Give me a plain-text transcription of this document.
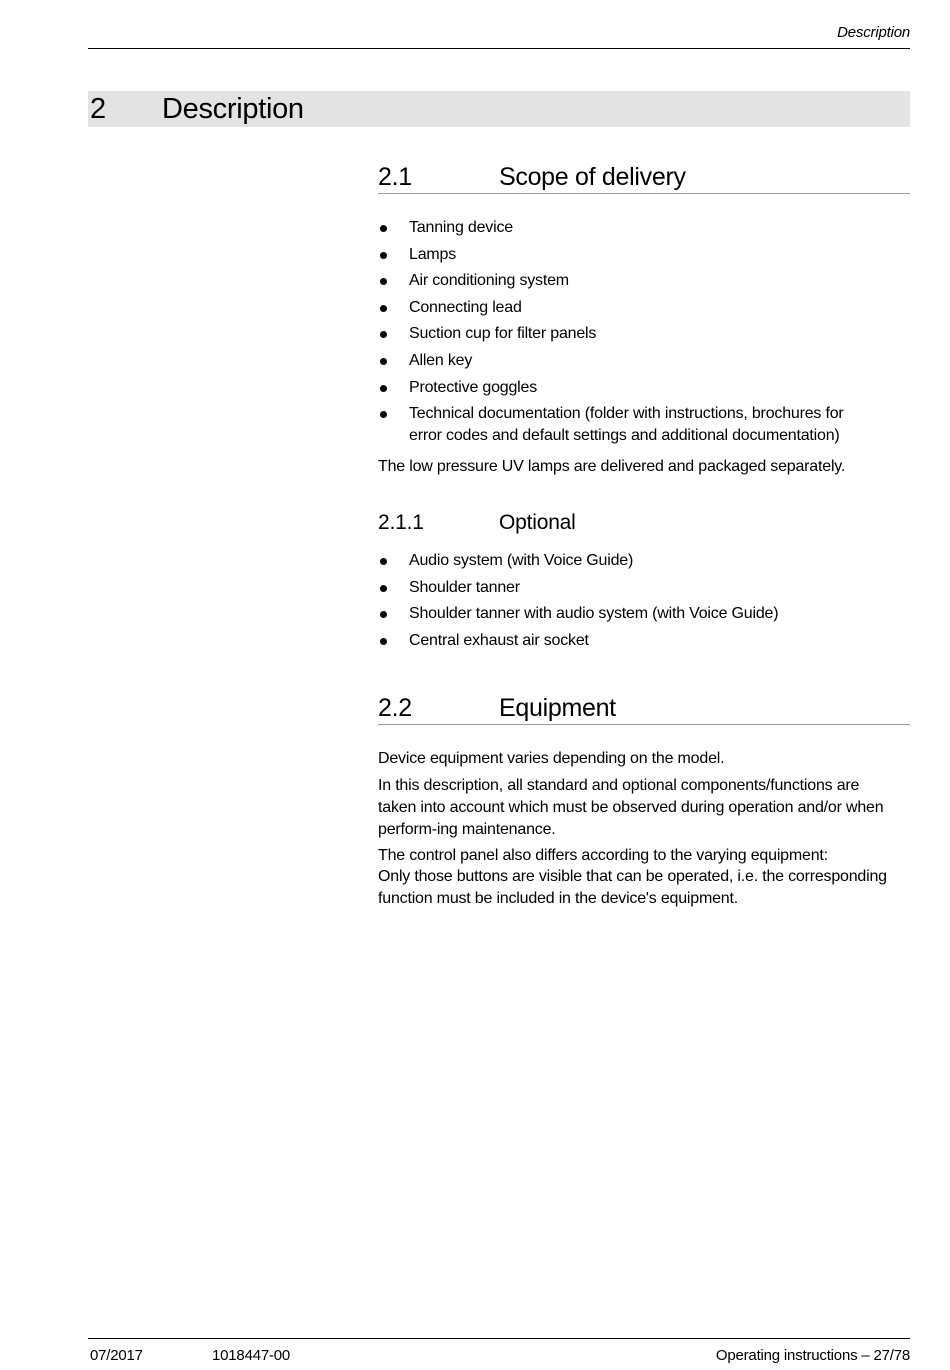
Description
2 Description
2.1	Scope of delivery
Tanning device
Lamps
Air conditioning system
Connecting lead
Suction cup for filter panels
Allen key
Protective goggles
Technical documentation (folder with instructions, brochures for error codes and default settings and additional documentation)

The low pressure UV lamps are delivered and packaged separately.

2.1.1	Optional
Audio system (with Voice Guide)
Shoulder tanner
Shoulder tanner with audio system (with Voice Guide)
Central exhaust air socket
2.2	Equipment

Device equipment varies depending on the model.

In this description, all standard and optional components/functions are taken into account which must be observed during operation and/or when perform-ing maintenance.

The control panel also differs according to the varying equipment:

Only those buttons are visible that can be operated, i.e. the corresponding function must be included in the device's equipment.

07/2017	1018447-00	Operating instructions – 27/78
